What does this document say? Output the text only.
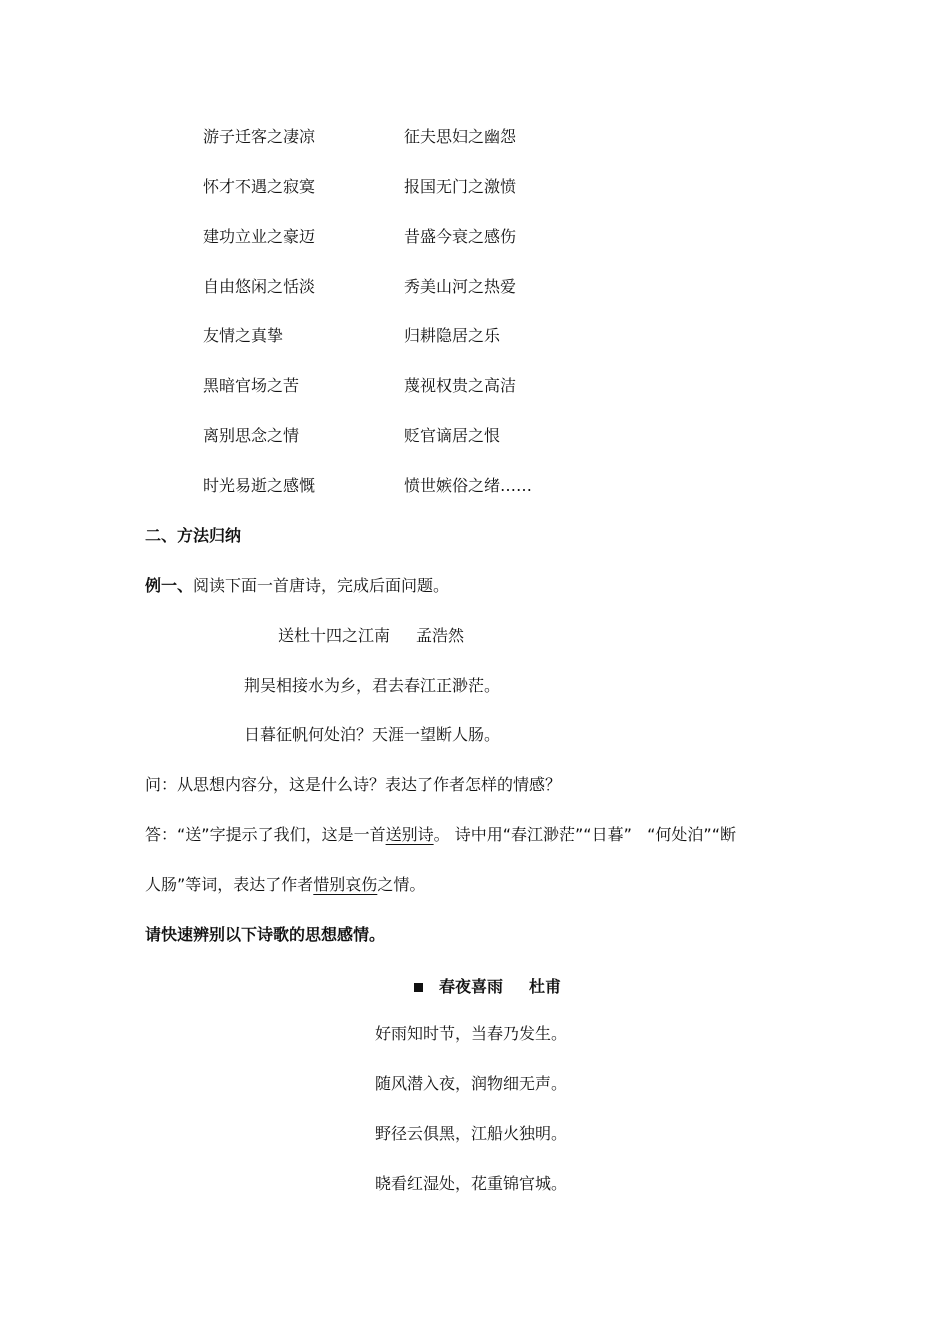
游子迁客之凄凉	征夫思妇之幽怨
怀才不遇之寂寞	报国无门之激愤
建功立业之豪迈	昔盛今衰之感伤
自由悠闲之恬淡	秀美山河之热爱
友情之真挚	归耕隐居之乐
黑暗官场之苦	蔑视权贵之高洁
离别思念之情	贬官谪居之恨
时光易逝之感慨	愤世嫉俗之绪……
二、方法归纳
例一、阅读下面一首唐诗，完成后面问题。
送杜十四之江南 孟浩然
荆吴相接水为乡，君去春江正渺茫。
日暮征帆何处泊？天涯一望断人肠。
问：从思想内容分，这是什么诗？表达了作者怎样的情感？
答：“送”字提示了我们，这是一首送别诗。 诗中用“春江渺茫”“日暮”   “何处泊”“断
人肠”等词，表达了作者惜别哀伤之情。
请快速辨别以下诗歌的思想感情。
春夜喜雨 杜甫
好雨知时节，当春乃发生。
随风潜入夜，润物细无声。
野径云俱黑，江船火独明。
晓看红湿处，花重锦官城。
